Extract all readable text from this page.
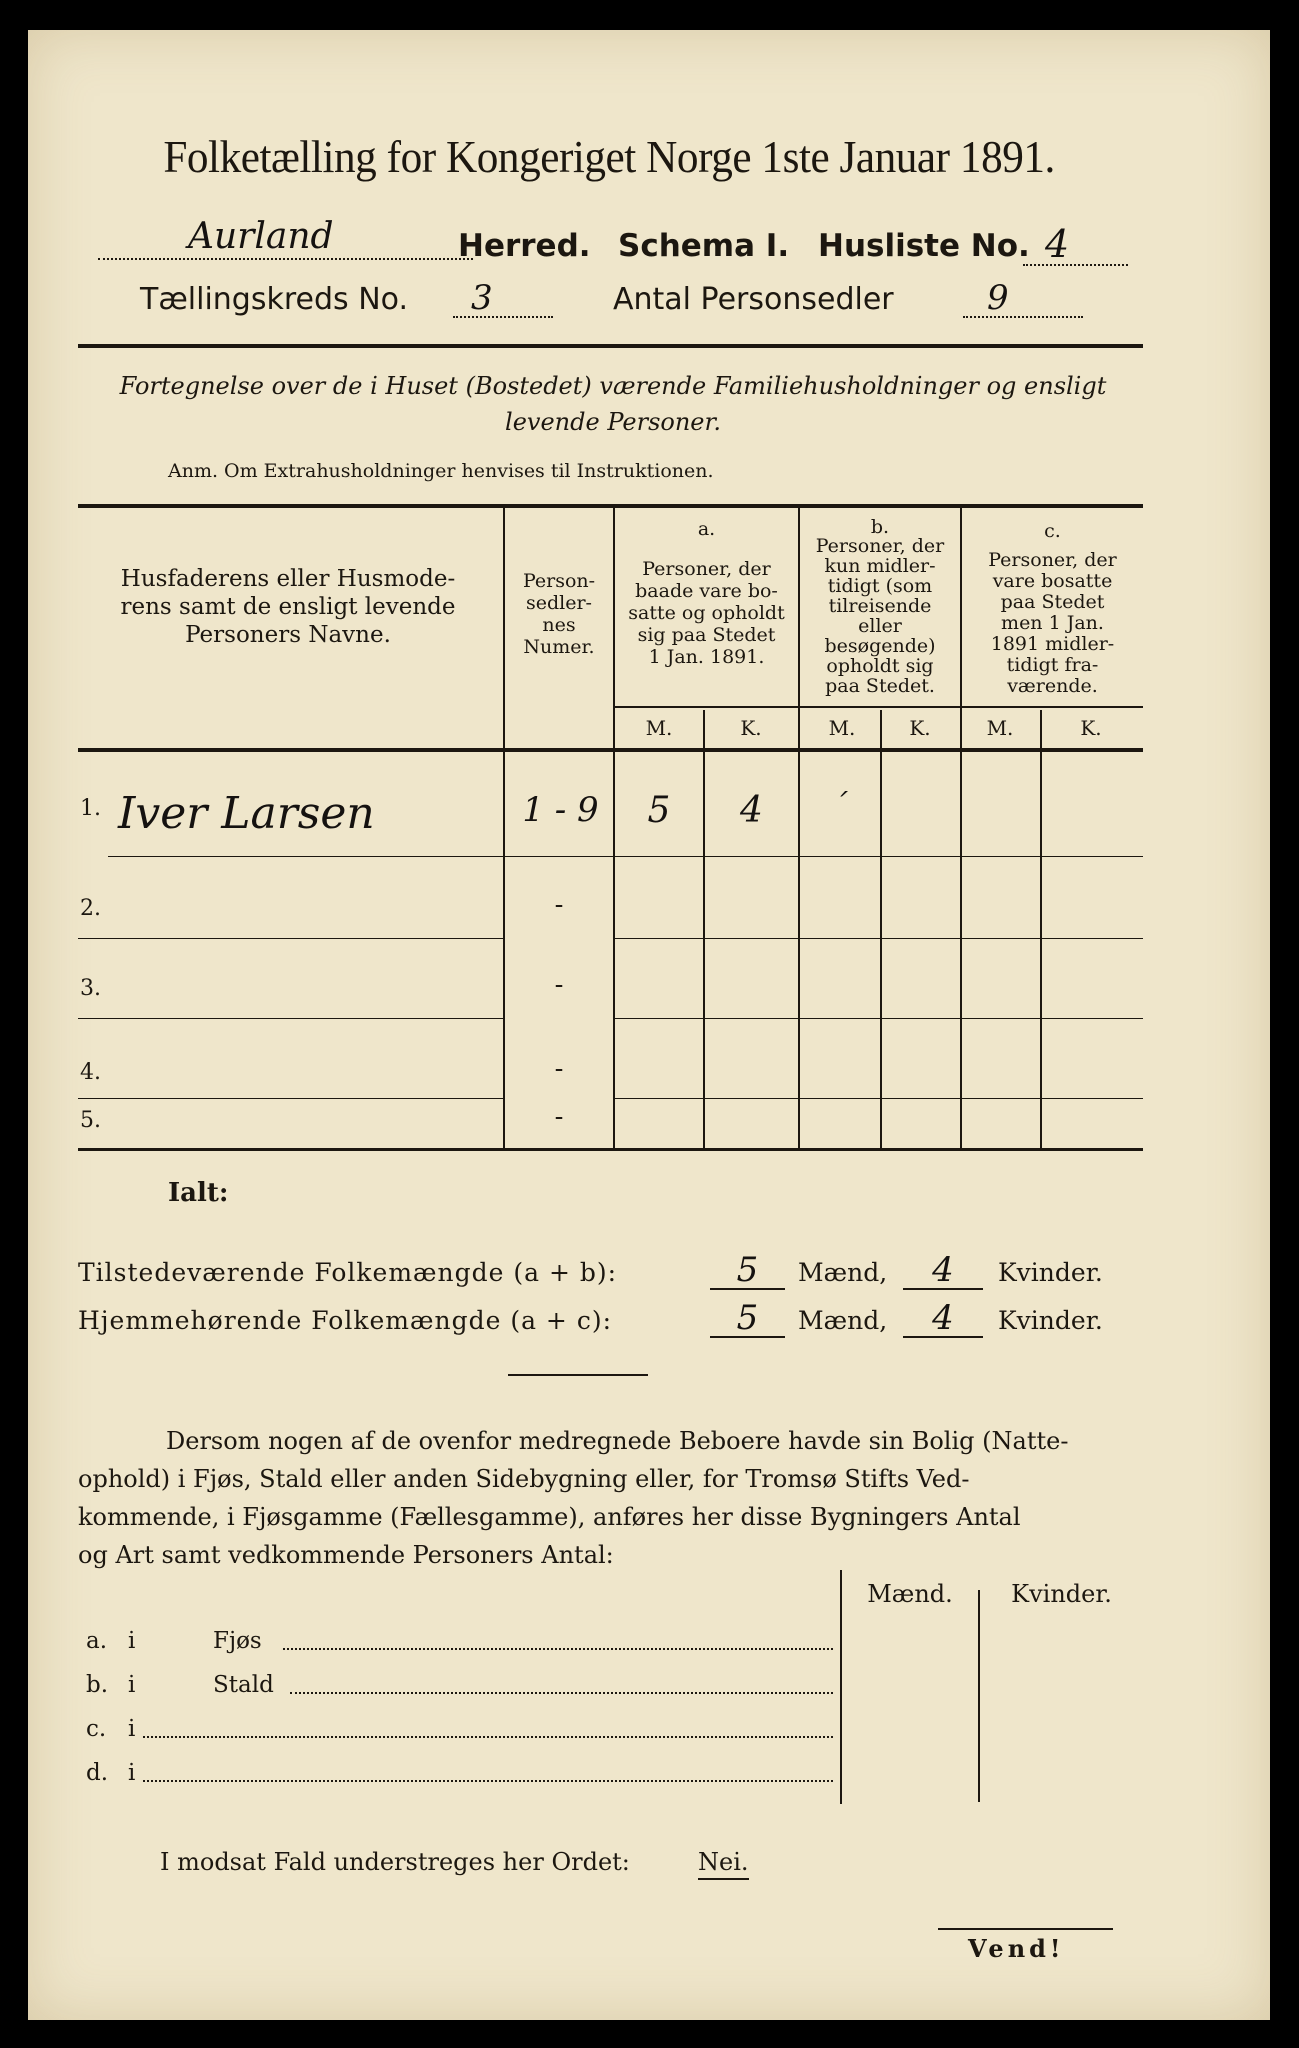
Folketælling for Kongeriget Norge 1ste Januar 1891.
Aurland	Herred. Schema I. Husliste No. 4
Tællingskreds No. 3	Antal Personsedler	9
Fortegnelse over de i Huset (Bostedet) værende Familiehusholdninger og ensligt
levende Personer.
Anm. Om Extrahusholdninger henvises til Instruktionen.
Husfaderens eller Husmode-
rens samt de ensligt levende
Personers Navne.
Person-
sedler-
nes
Numer.
a.
Personer, der
baade vare bo-
satte og opholdt
sig paa Stedet
1 Jan. 1891.
b.
Personer, der
kun midler-
tidigt (som
tilreisende
eller
besøgende)
opholdt sig
paa Stedet.
c.
Personer, der
vare bosatte
paa Stedet
men 1 Jan.
1891 midler-
tidigt fra-
værende.
M.	K.	M.	K.	M.	K.
1. Iver Larsen	1 - 9	5	4	´
2.	-
3.	-
4.	-
5.	-
Ialt:
Tilstedeværende Folkemængde (a + b):	5	Mænd,	4	Kvinder.
Hjemmehørende Folkemængde (a + c):	5	Mænd,	4	Kvinder.
Dersom nogen af de ovenfor medregnede Beboere havde sin Bolig (Natte-
ophold) i Fjøs, Stald eller anden Sidebygning eller, for Tromsø Stifts Ved-
kommende, i Fjøsgamme (Fællesgamme), anføres her disse Bygningers Antal
og Art samt vedkommende Personers Antal:
Mænd.	Kvinder.
a. i	Fjøs
b. i	Stald
c. i
d. i
I modsat Fald understreges her Ordet:	Nei.
Vend!
